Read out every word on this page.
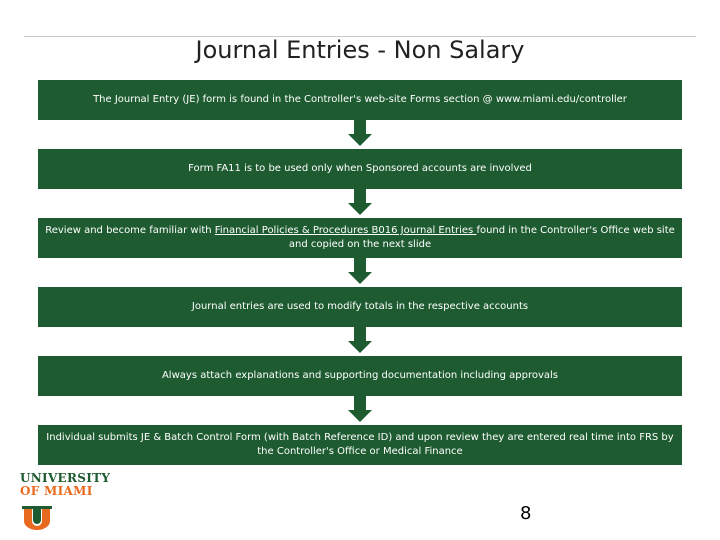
Journal Entries - Non Salary
The Journal Entry (JE) form is found in the Controller's web-site Forms section @ www.miami.edu/controller
Form FA11 is to be used only when Sponsored accounts are involved
Review and become familiar with Financial Policies & Procedures B016 Journal Entries found in the Controller's Office web site and copied on the next slide
Journal entries are used to modify totals in the respective accounts
Always attach explanations and supporting documentation including approvals
Individual submits JE & Batch Control Form (with Batch Reference ID) and upon review they are entered real time into FRS by the Controller's Office or Medical Finance
UNIVERSITY
OF MIAMI
8
